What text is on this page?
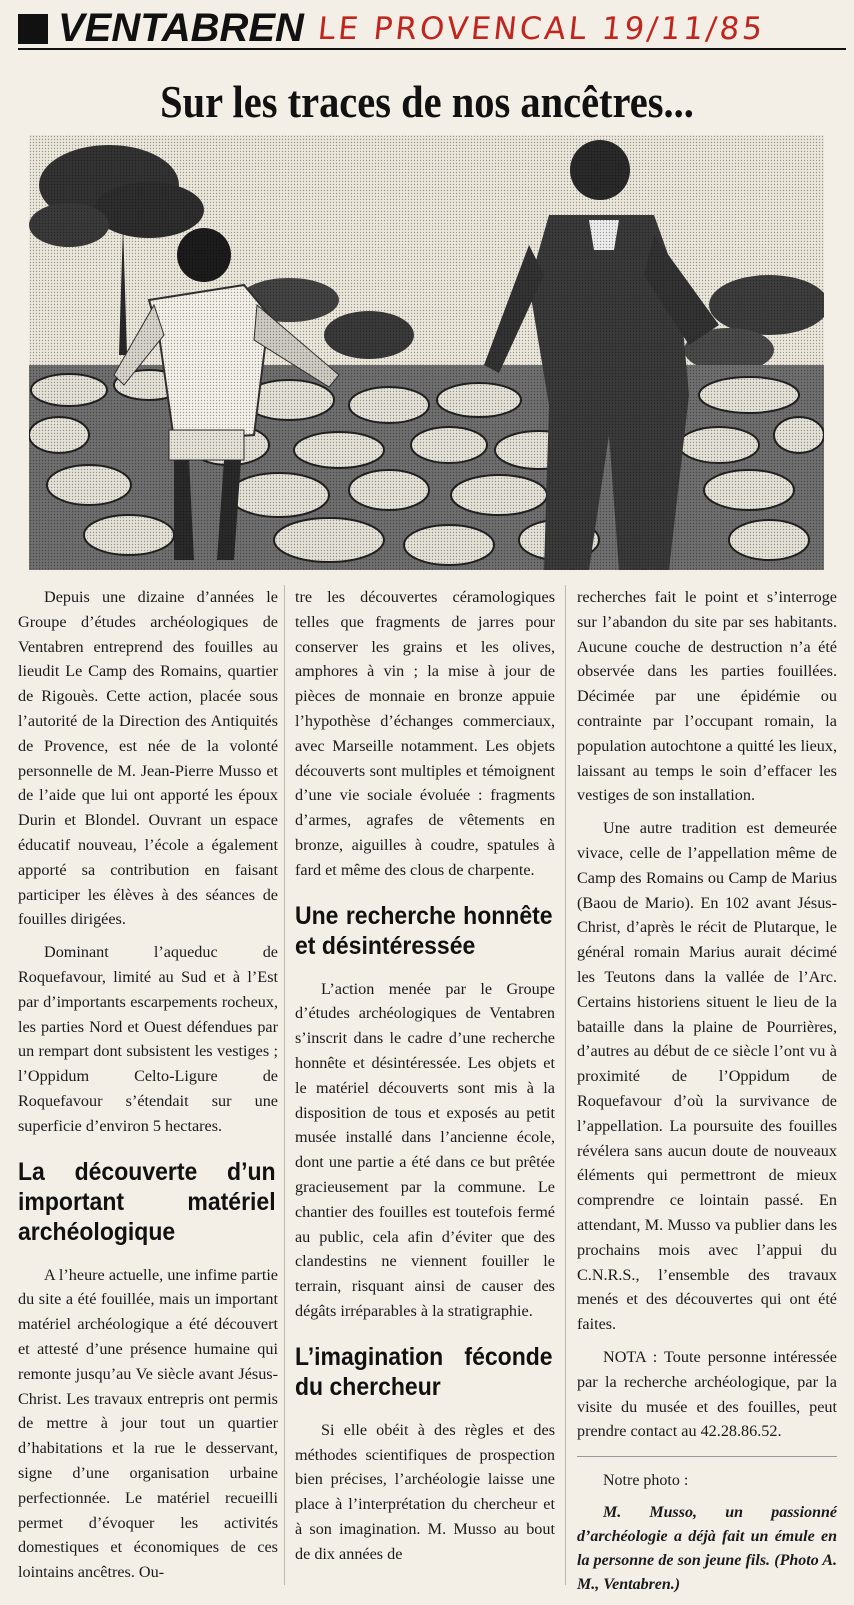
VENTABREN LE PROVENCAL 19/11/85
Sur les traces de nos ancêtres...

Depuis une dizaine d’années le Groupe d’études archéologiques de Ventabren entreprend des fouilles au lieudit Le Camp des Romains, quartier de Rigouès. Cette action, placée sous l’autorité de la Direction des Antiquités de Provence, est née de la volonté personnelle de M. Jean-Pierre Musso et de l’aide que lui ont apporté les époux Durin et Blondel. Ouvrant un espace éducatif nouveau, l’école a également apporté sa contribution en faisant participer les élèves à des séances de fouilles dirigées.

Dominant l’aqueduc de Roquefavour, limité au Sud et à l’Est par d’importants escarpements rocheux, les parties Nord et Ouest défendues par un rempart dont subsistent les vestiges ; l’Oppidum Celto-Ligure de Roquefavour s’étendait sur une superficie d’environ 5 hectares.

La découverte d’un important matériel archéologique

A l’heure actuelle, une infime partie du site a été fouillée, mais un important matériel archéologique a été découvert et attesté d’une présence humaine qui remonte jusqu’au Ve siècle avant Jésus-Christ. Les travaux entrepris ont permis de mettre à jour tout un quartier d’habitations et la rue le desservant, signe d’une organisation urbaine perfectionnée. Le matériel recueilli permet d’évoquer les activités domestiques et économiques de ces lointains ancêtres. Ou-

tre les découvertes céramologiques telles que fragments de jarres pour conserver les grains et les olives, amphores à vin ; la mise à jour de pièces de monnaie en bronze appuie l’hypothèse d’échanges commerciaux, avec Marseille notamment. Les objets découverts sont multiples et témoignent d’une vie sociale évoluée : fragments d’armes, agrafes de vêtements en bronze, aiguilles à coudre, spatules à fard et même des clous de charpente.

Une recherche honnête et désintéressée

L’action menée par le Groupe d’études archéologiques de Ventabren s’inscrit dans le cadre d’une recherche honnête et désintéressée. Les objets et le matériel découverts sont mis à la disposition de tous et exposés au petit musée installé dans l’ancienne école, dont une partie a été dans ce but prêtée gracieusement par la commune. Le chantier des fouilles est toutefois fermé au public, cela afin d’éviter que des clandestins ne viennent fouiller le terrain, risquant ainsi de causer des dégâts irréparables à la stratigraphie.

L’imagination féconde du chercheur

Si elle obéit à des règles et des méthodes scientifiques de prospection bien précises, l’archéologie laisse une place à l’interprétation du chercheur et à son imagination. M. Musso au bout de dix années de

recherches fait le point et s’interroge sur l’abandon du site par ses habitants. Aucune couche de destruction n’a été observée dans les parties fouillées. Décimée par une épidémie ou contrainte par l’occupant romain, la population autochtone a quitté les lieux, laissant au temps le soin d’effacer les vestiges de son installation.

Une autre tradition est demeurée vivace, celle de l’appellation même de Camp des Romains ou Camp de Marius (Baou de Mario). En 102 avant Jésus-Christ, d’après le récit de Plutarque, le général romain Marius aurait décimé les Teutons dans la vallée de l’Arc. Certains historiens situent le lieu de la bataille dans la plaine de Pourrières, d’autres au début de ce siècle l’ont vu à proximité de l’Oppidum de Roquefavour d’où la survivance de l’appellation. La poursuite des fouilles révélera sans aucun doute de nouveaux éléments qui permettront de mieux comprendre ce lointain passé. En attendant, M. Musso va publier dans les prochains mois avec l’appui du C.N.R.S., l’ensemble des travaux menés et des découvertes qui ont été faites.

NOTA : Toute personne intéressée par la recherche archéologique, par la visite du musée et des fouilles, peut prendre contact au 42.28.86.52.

Notre photo :

M. Musso, un passionné d’archéologie a déjà fait un émule en la personne de son jeune fils. (Photo A. M., Ventabren.)
